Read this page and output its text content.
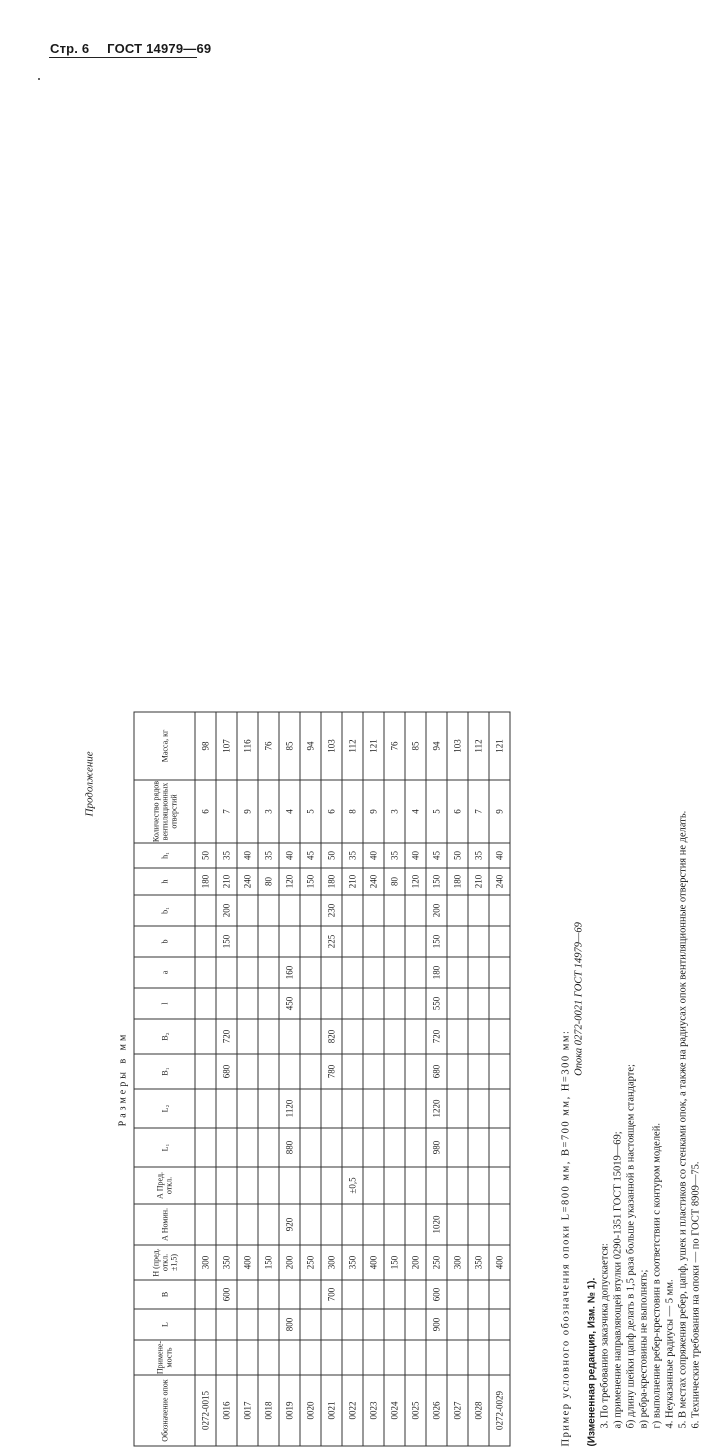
Стр. 6 ГОСТ 14979—69
Размеры в мм
Обозначение опок	Примене-мость	L	B	H (пред. откл. ±1,5)	А Номин.	А Пред. откл.	L₁	L₂	B₁	B₂	l	a	b	b₁	h	h₁	Количество рядов вентиляционных отверстий	Масса, кг
0272-0015				300											180	50	6	98
0016			600	350					680	720			150	200	210	35	7	107
0017				400											240	40	9	116
0018				150											80	35	3	76
0019		800		200	920		880	1120			450	160			120	40	4	85
0020				250											150	45	5	94
0021			700	300					780	820			225	230	180	50	6	103
0022				350		±0,5									210	35	8	112
0023				400											240	40	9	121
0024				150											80	35	3	76
0025				200											120	40	4	85
0026		900	600	250	1020		980	1220	680	720	550	180	150	200	150	45	5	94
0027				300											180	50	6	103
0028				350											210	35	7	112
0272-0029				400											240	40	9	121
Продолжение
Пример условного обозначения опоки L=800 мм, B=700 мм, H=300 мм:
Опока 0272-0021 ГОСТ 14979—69
(Измененная редакция, Изм. № 1). 3. По требованию заказчика допускается: а) применение направляющей втулки 0290-1351 ГОСТ 15019—69; б) длину шейки цапф делать в 1,5 раза больше указанной в настоящем стандарте; в) ребра-крестовины не выполнять; г) выполнение ребер-крестовин в соответствии с контуром моделей. 4. Неуказанные радиусы — 5 мм. 5. В местах сопряжения ребер, цапф, ушек и пластиков со стенками опок, а также на радиусах опок вентиляционные отверстия не делать. 6. Технические требования на опоки — по ГОСТ 8909—75.
